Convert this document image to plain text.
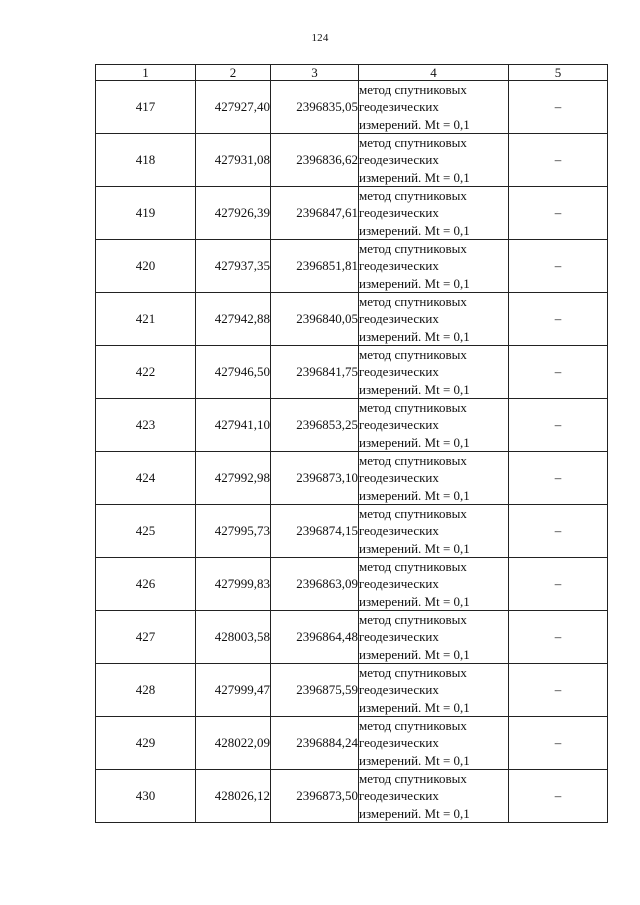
124
1	2	3	4	5
417	427927,40	2396835,05	метод спутниковых
геодезических
измерений. Mt = 0,1	–
418	427931,08	2396836,62	метод спутниковых
геодезических
измерений. Mt = 0,1	–
419	427926,39	2396847,61	метод спутниковых
геодезических
измерений. Mt = 0,1	–
420	427937,35	2396851,81	метод спутниковых
геодезических
измерений. Mt = 0,1	–
421	427942,88	2396840,05	метод спутниковых
геодезических
измерений. Mt = 0,1	–
422	427946,50	2396841,75	метод спутниковых
геодезических
измерений. Mt = 0,1	–
423	427941,10	2396853,25	метод спутниковых
геодезических
измерений. Mt = 0,1	–
424	427992,98	2396873,10	метод спутниковых
геодезических
измерений. Mt = 0,1	–
425	427995,73	2396874,15	метод спутниковых
геодезических
измерений. Mt = 0,1	–
426	427999,83	2396863,09	метод спутниковых
геодезических
измерений. Mt = 0,1	–
427	428003,58	2396864,48	метод спутниковых
геодезических
измерений. Mt = 0,1	–
428	427999,47	2396875,59	метод спутниковых
геодезических
измерений. Mt = 0,1	–
429	428022,09	2396884,24	метод спутниковых
геодезических
измерений. Mt = 0,1	–
430	428026,12	2396873,50	метод спутниковых
геодезических
измерений. Mt = 0,1	–
